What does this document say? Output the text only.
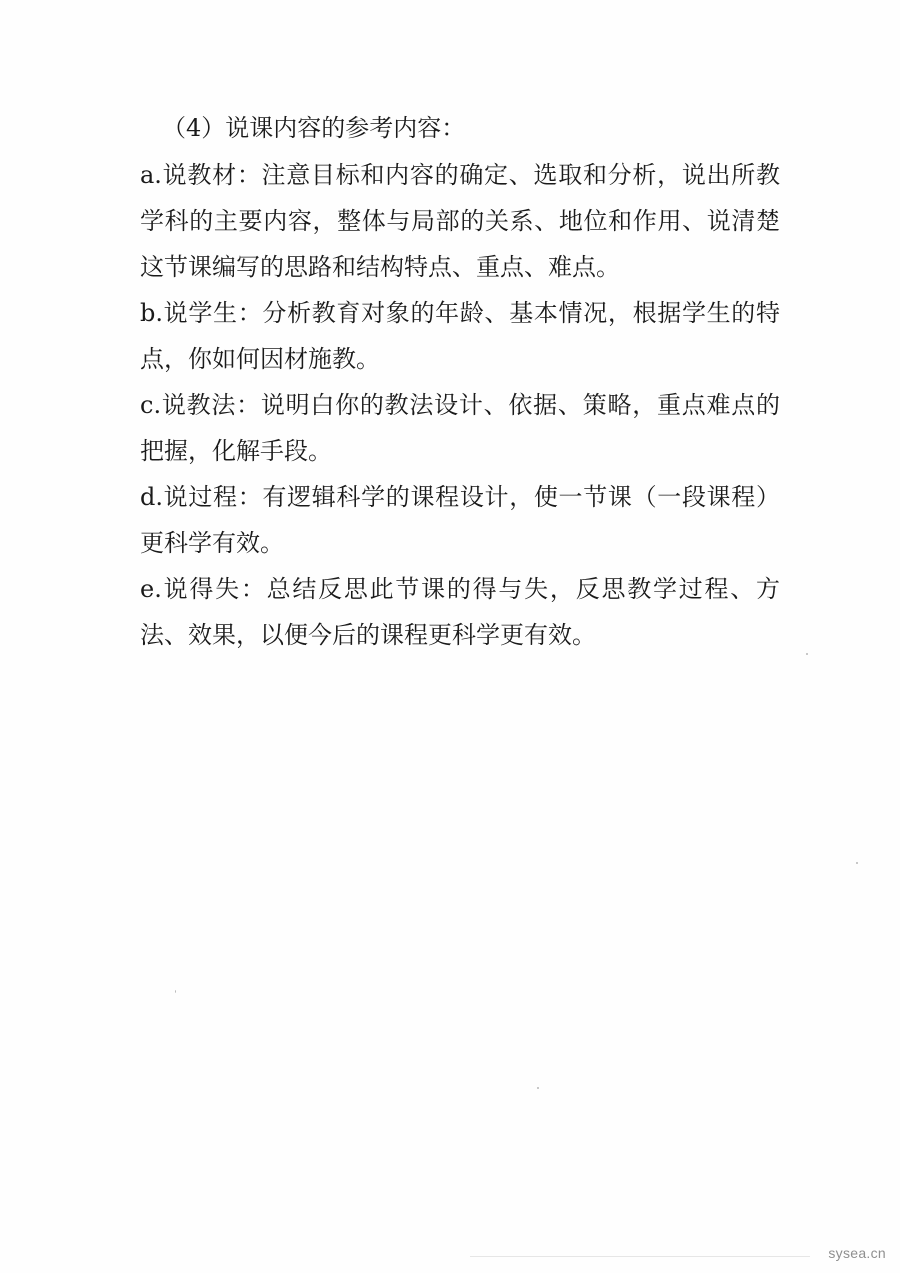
（4）说课内容的参考内容：

a.说教材：注意目标和内容的确定、选取和分析，说出所教学科的主要内容，整体与局部的关系、地位和作用、说清楚这节课编写的思路和结构特点、重点、难点。

b.说学生：分析教育对象的年龄、基本情况，根据学生的特点，你如何因材施教。

c.说教法：说明白你的教法设计、依据、策略，重点难点的把握，化解手段。

d.说过程：有逻辑科学的课程设计，使一节课（一段课程）更科学有效。

e.说得失：总结反思此节课的得与失，反思教学过程、方法、效果，以便今后的课程更科学更有效。

sysea.cn
